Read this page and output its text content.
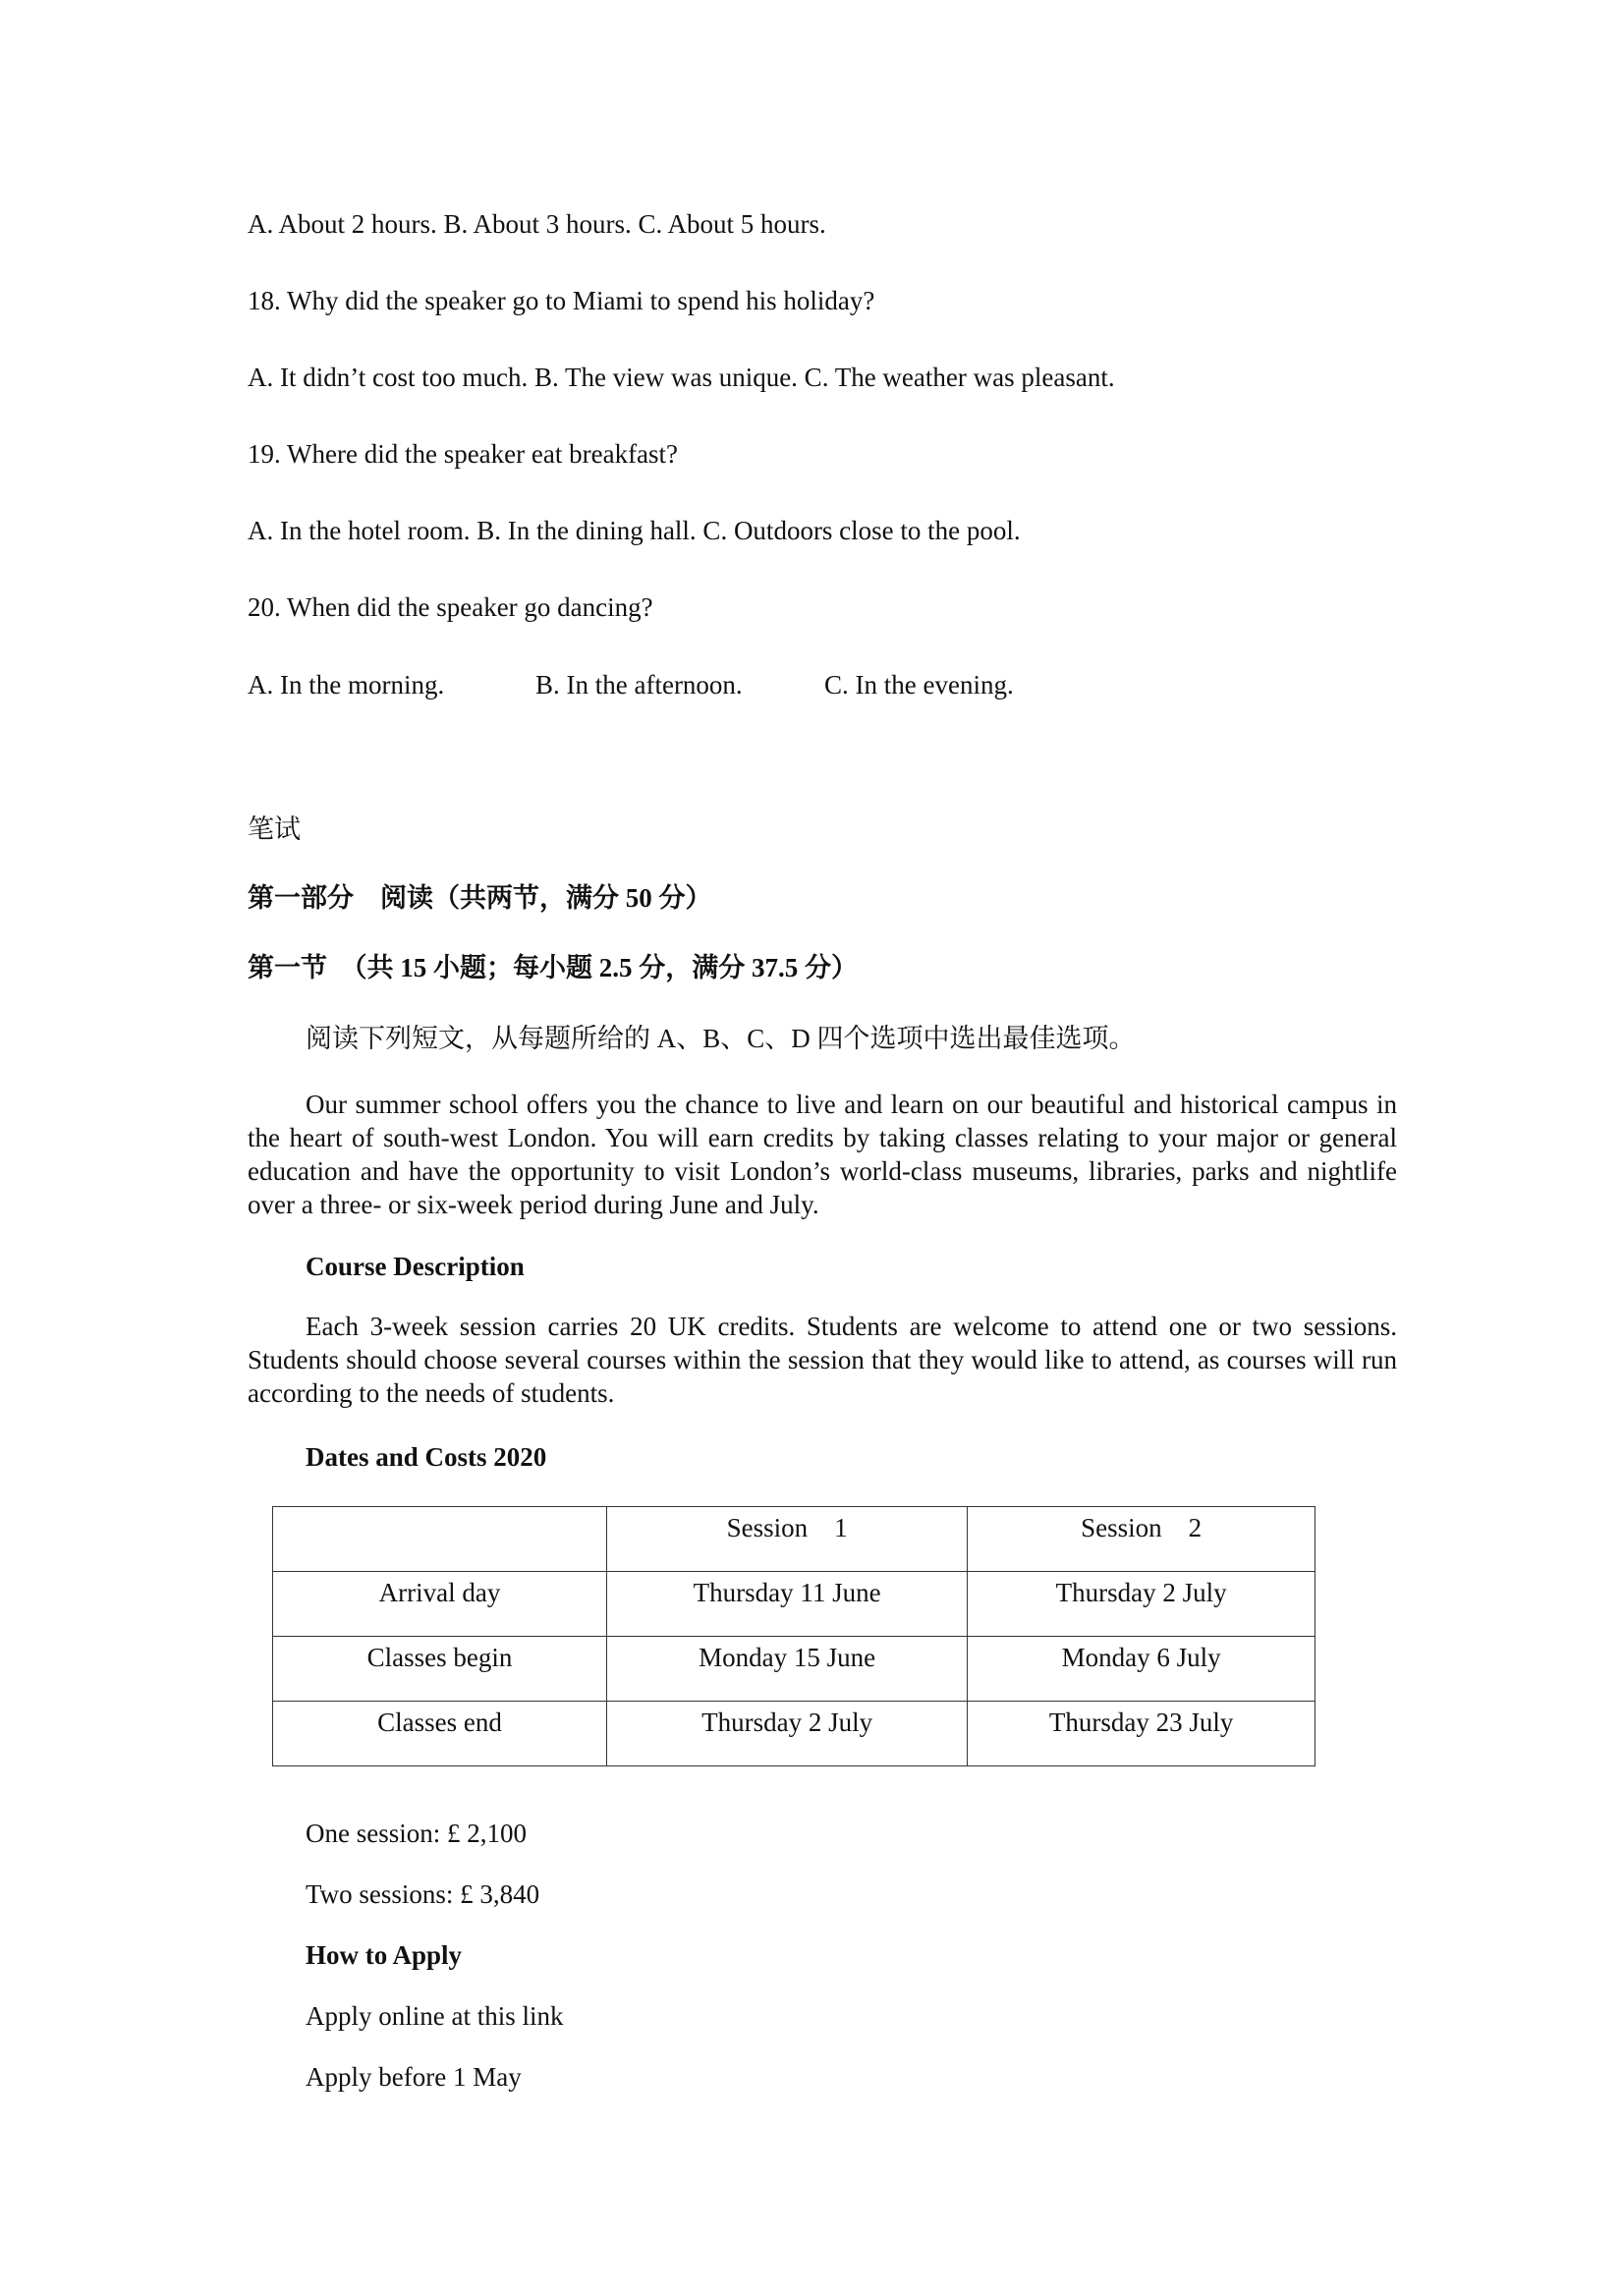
A. About 2 hours. B. About 3 hours. C. About 5 hours.
18. Why did the speaker go to Miami to spend his holiday?
A. It didn’t cost too much. B. The view was unique. C. The weather was pleasant.
19. Where did the speaker eat breakfast?
A. In the hotel room. B. In the dining hall. C. Outdoors close to the pool.
20. When did the speaker go dancing?
A. In the morning.	B. In the afternoon.	C. In the evening.
笔试
第一部分　阅读（共两节，满分 50 分）
第一节　（共 15 小题；每小题 2.5 分，满分 37.5 分）
阅读下列短文，从每题所给的 A、B、C、D 四个选项中选出最佳选项。
Our summer school offers you the chance to live and learn on our beautiful and historical campus in the heart of south-west London. You will earn credits by taking classes relating to your major or general education and have the opportunity to visit London’s world-class museums, libraries, parks and nightlife over a three- or six-week period during June and July.
Course Description
Each 3-week session carries 20 UK credits. Students are welcome to attend one or two sessions. Students should choose several courses within the session that they would like to attend, as courses will run according to the needs of students.
Dates and Costs 2020
	Session　1	Session　2
Arrival day	Thursday 11 June	Thursday 2 July
Classes begin	Monday 15 June	Monday 6 July
Classes end	Thursday 2 July	Thursday 23 July
One session: £ 2,100
Two sessions: £ 3,840
How to Apply
Apply online at this link
Apply before 1 May
